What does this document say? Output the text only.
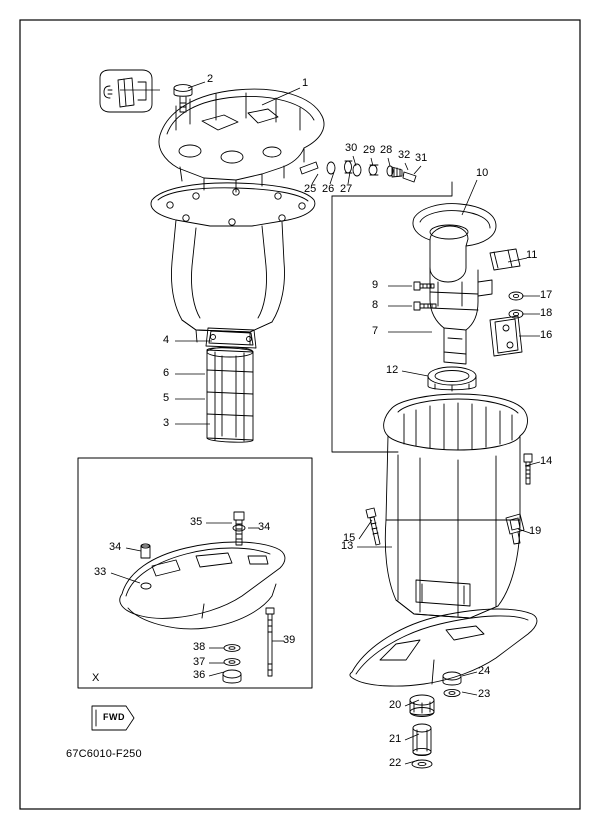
1
2
3
4
5
6
7
8
9
10
11
12
13
14
15
16
17
18
19
20
21
22
23
24
25 26 27
28
29
30
31
32
33
34
34
35
36
37
38
39
X
FWD
67C6010-F250
